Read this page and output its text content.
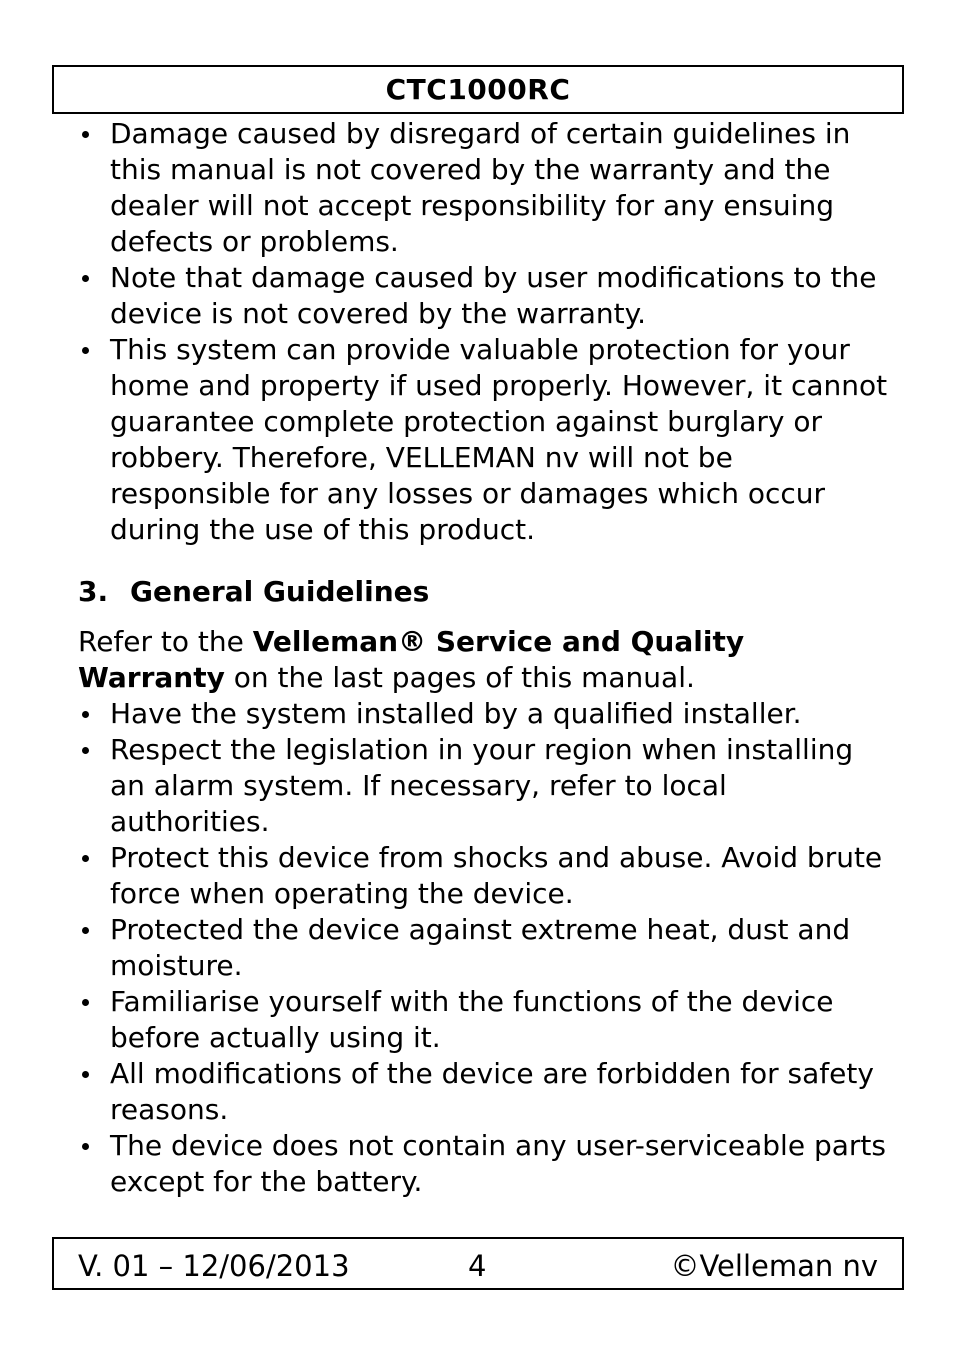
CTC1000RC
Damage caused by disregard of certain guidelines in this manual is not covered by the warranty and the dealer will not accept responsibility for any ensuing defects or problems.
Note that damage caused by user modifications to the device is not covered by the warranty.
This system can provide valuable protection for your home and property if used properly. However, it cannot guarantee complete protection against burglary or robbery. Therefore, VELLEMAN nv will not be responsible for any losses or damages which occur during the use of this product.
3. General Guidelines
Refer to the Velleman® Service and Quality Warranty on the last pages of this manual.
Have the system installed by a qualified installer.
Respect the legislation in your region when installing an alarm system. If necessary, refer to local authorities.
Protect this device from shocks and abuse. Avoid brute force when operating the device.
Protected the device against extreme heat, dust and moisture.
Familiarise yourself with the functions of the device before actually using it.
All modifications of the device are forbidden for safety reasons.
The device does not contain any user-serviceable parts except for the battery.
V. 01 – 12/06/2013	4	©Velleman nv
